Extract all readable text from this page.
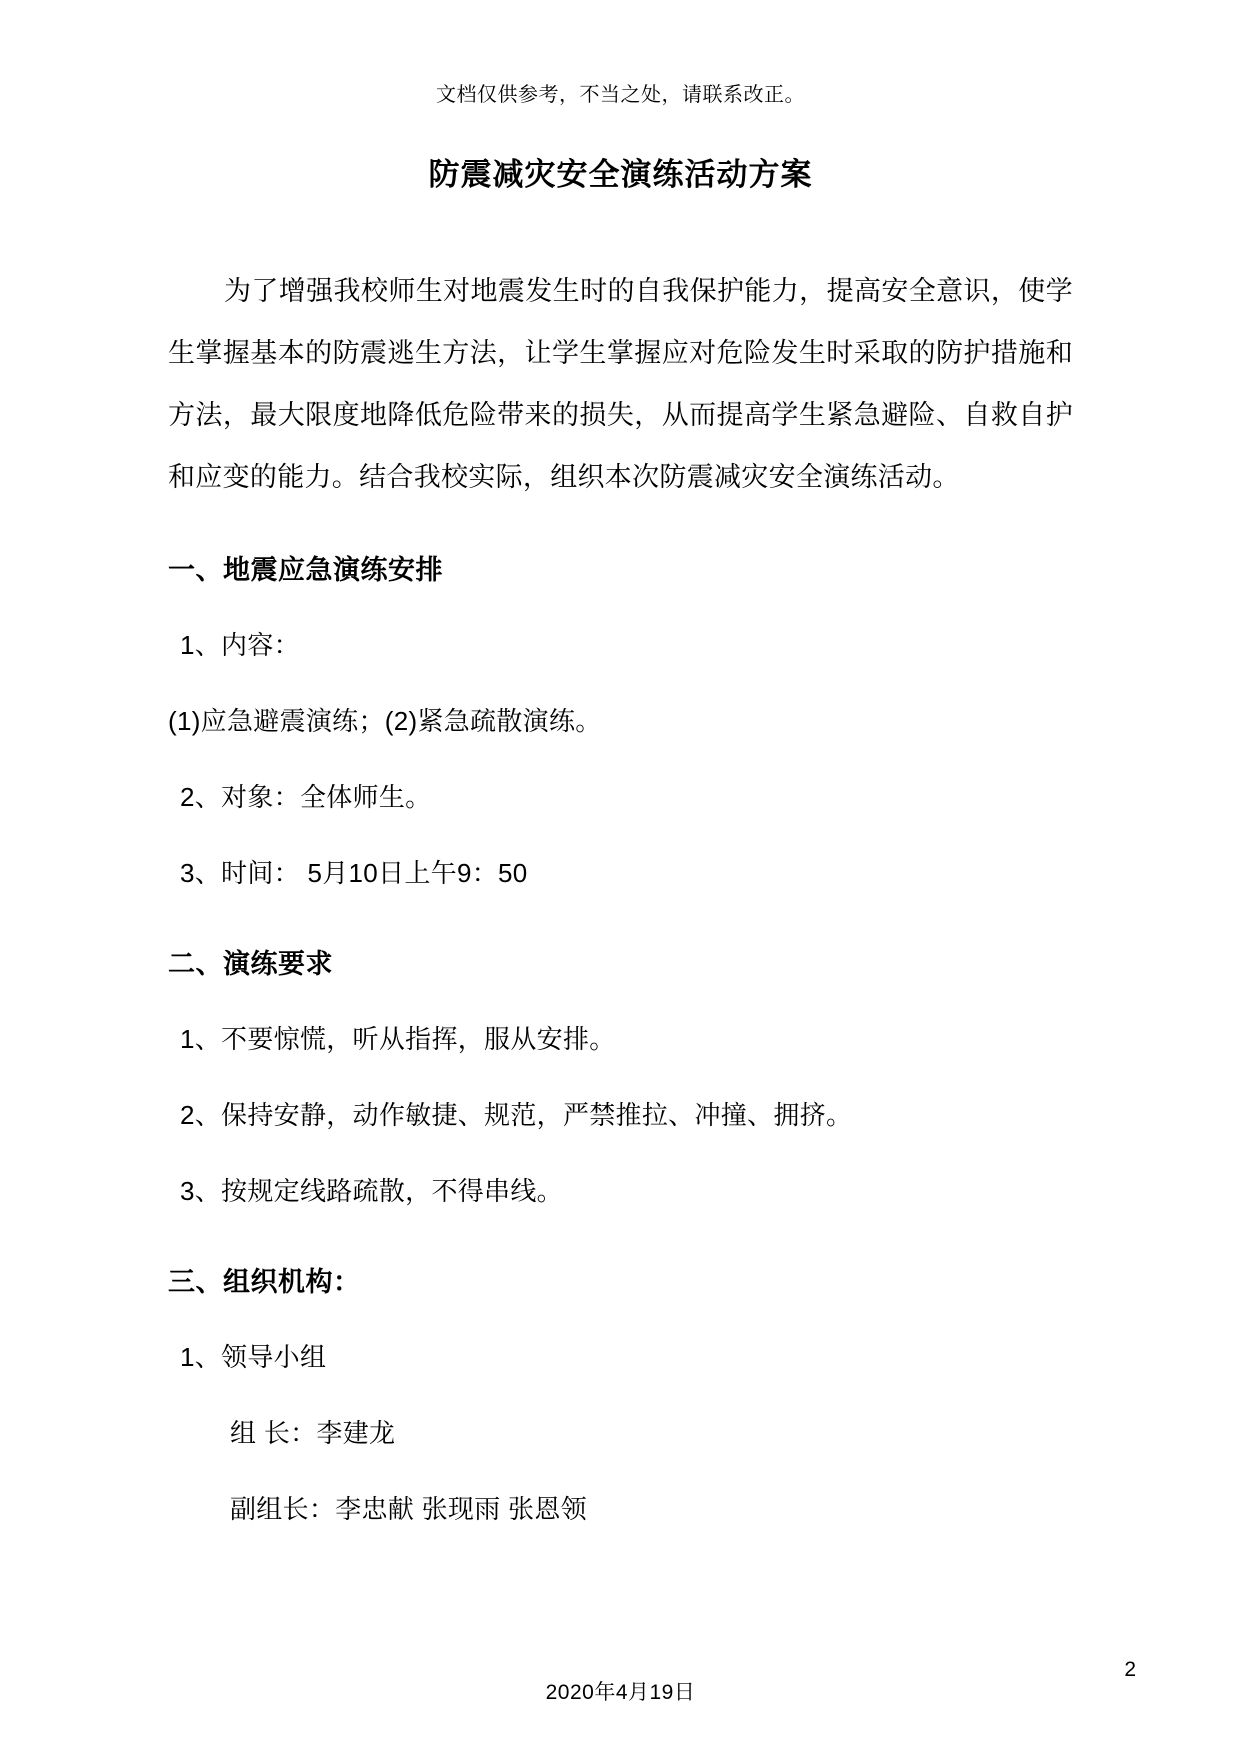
文档仅供参考，不当之处，请联系改正。
防震减灾安全演练活动方案

为了增强我校师生对地震发生时的自我保护能力，提高安全意识，使学生掌握基本的防震逃生方法，让学生掌握应对危险发生时采取的防护措施和方法，最大限度地降低危险带来的损失，从而提高学生紧急避险、自救自护和应变的能力。结合我校实际，组织本次防震减灾安全演练活动。

一、地震应急演练安排
1、内容：
(1)应急避震演练；(2)紧急疏散演练。
2、对象：全体师生。
3、时间： 5月10日上午9：50
二、演练要求
1、不要惊慌，听从指挥，服从安排。
2、保持安静，动作敏捷、规范，严禁推拉、冲撞、拥挤。
3、按规定线路疏散，不得串线。
三、组织机构：
1、领导小组
组 长：李建龙
副组长：李忠献 张现雨 张恩领
2
2020年4月19日
